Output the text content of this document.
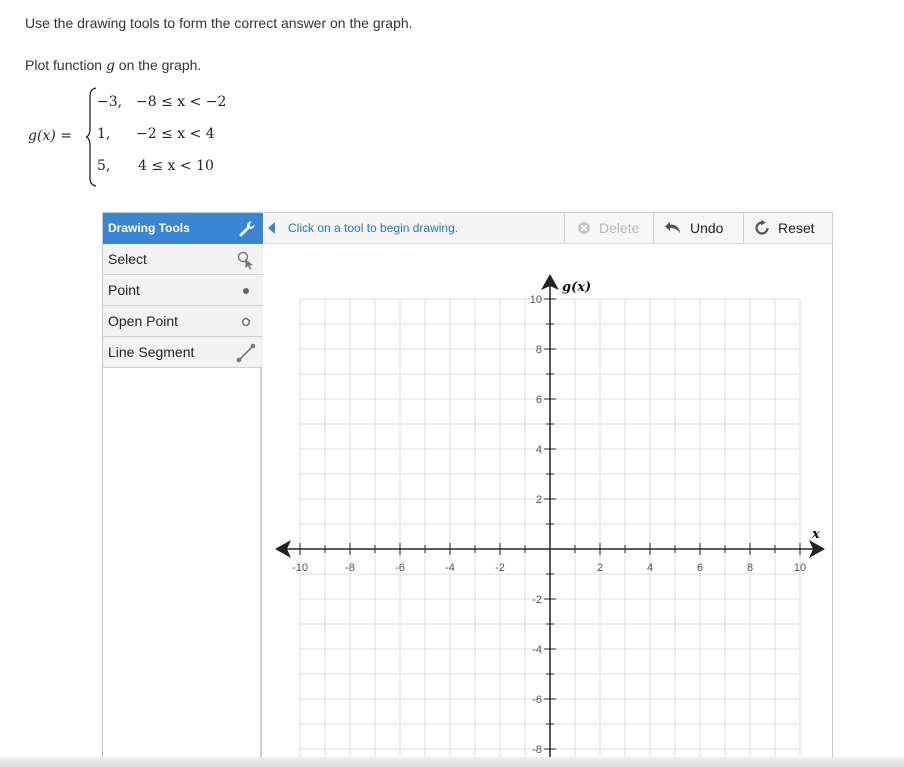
Use the drawing tools to form the correct answer on the graph.
Plot function g on the graph.
g(x) =
−3, −8 ≤ x < −2
1, −2 ≤ x < 4
5, 4 ≤ x < 10
Drawing Tools
Select
Point
Open Point
Line Segment
Click on a tool to begin drawing.	Delete	Undo	Reset
-10	-8	-6	-4	-2	2	4	6	8	10
10
8
6
4
2
-2
-4
-6
-8
x
g(x)
